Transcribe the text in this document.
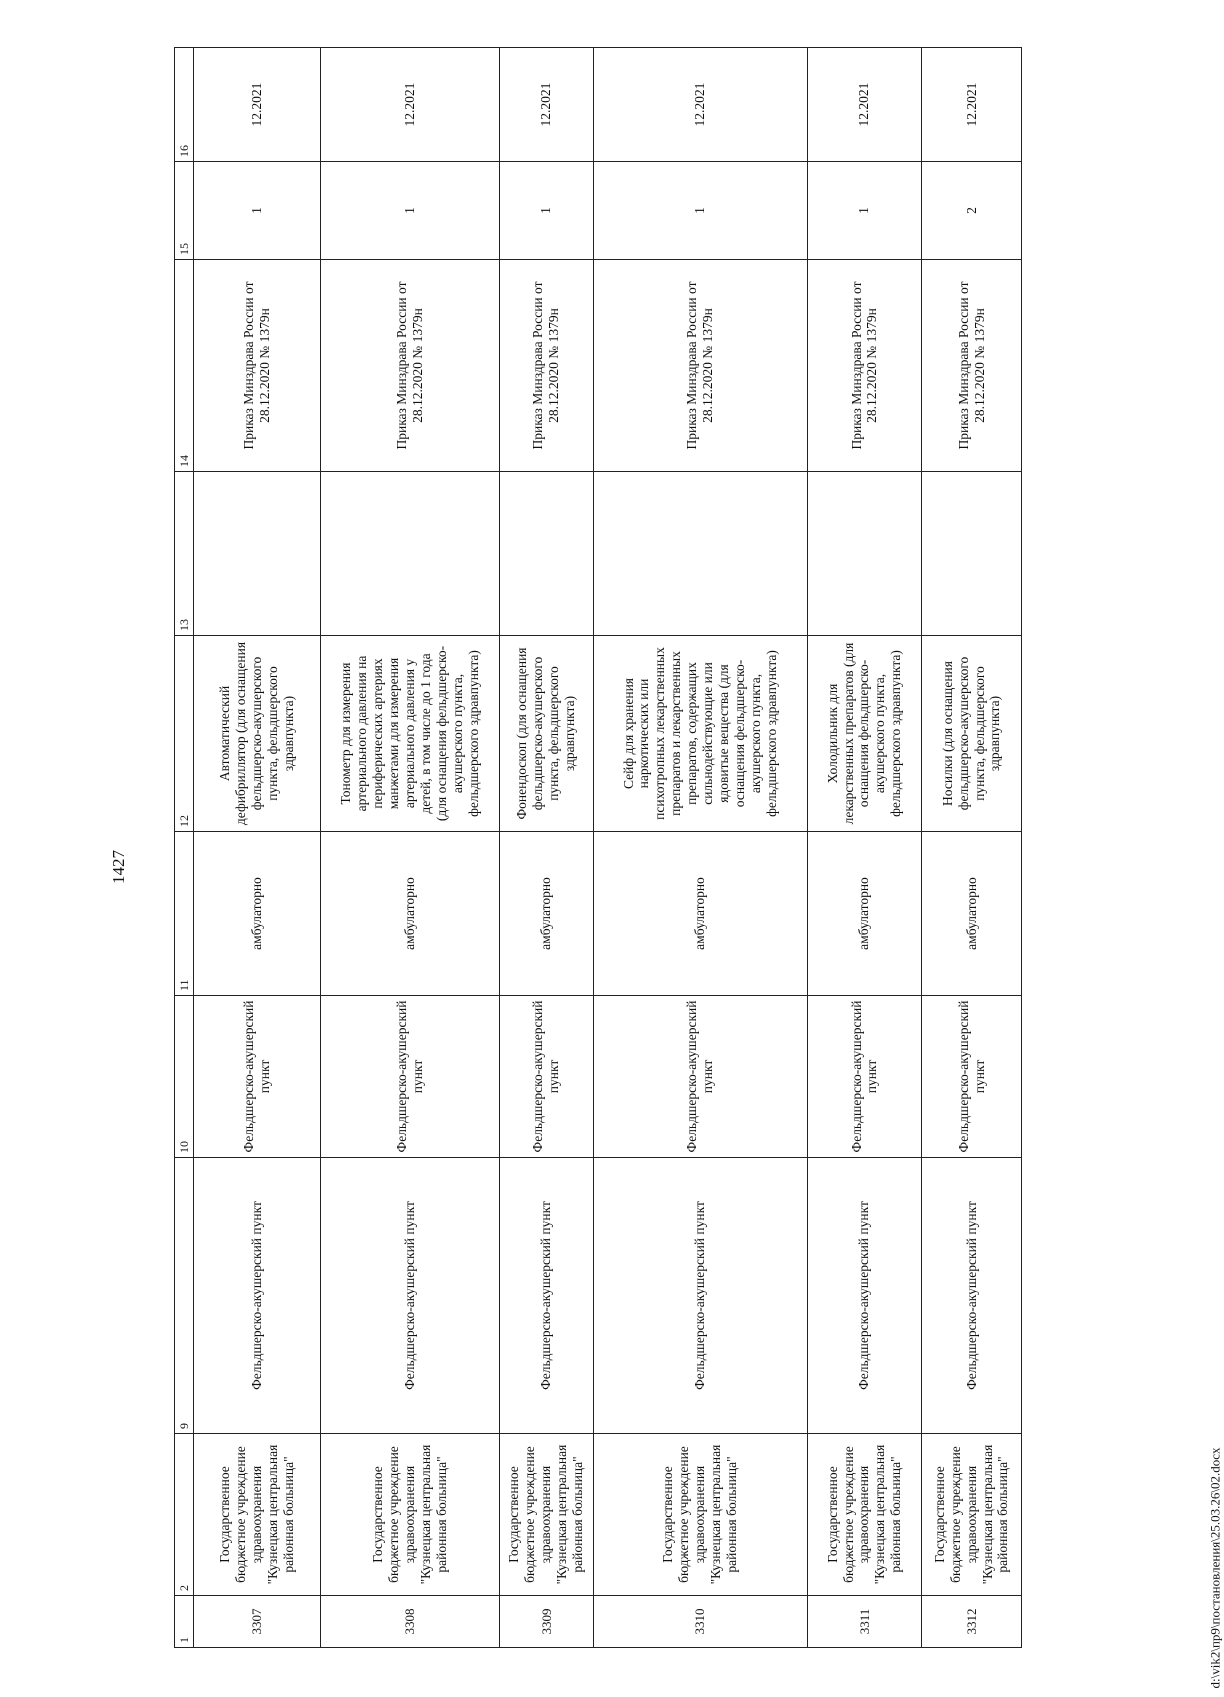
1427
1	2	9	10	11	12	13	14	15	16
3307	Государственное бюджетное учреждение здравоохранения "Кузнецкая центральная районная больница"	Фельдшерско-акушерский пункт	Фельдшерско-акушерский пункт	амбулаторно	Автоматический дефибриллятор (для оснащения фельдшерско-акушерского пункта, фельдшерского здравпункта)		Приказ Минздрава России от 28.12.2020 № 1379н	1	12.2021
3308	Государственное бюджетное учреждение здравоохранения "Кузнецкая центральная районная больница"	Фельдшерско-акушерский пункт	Фельдшерско-акушерский пункт	амбулаторно	Тонометр для измерения артериального давления на периферических артериях манжетами для измерения артериального давления у детей, в том числе до 1 года (для оснащения фельдшерско-акушерского пункта, фельдшерского здравпункта)		Приказ Минздрава России от 28.12.2020 № 1379н	1	12.2021
3309	Государственное бюджетное учреждение здравоохранения "Кузнецкая центральная районная больница"	Фельдшерско-акушерский пункт	Фельдшерско-акушерский пункт	амбулаторно	Фонендоскоп (для оснащения фельдшерско-акушерского пункта, фельдшерского здравпункта)		Приказ Минздрава России от 28.12.2020 № 1379н	1	12.2021
3310	Государственное бюджетное учреждение здравоохранения "Кузнецкая центральная районная больница"	Фельдшерско-акушерский пункт	Фельдшерско-акушерский пункт	амбулаторно	Сейф для хранения наркотических или психотропных лекарственных препаратов и лекарственных препаратов, содержащих сильнодействующие или ядовитые вещества (для оснащения фельдшерско-акушерского пункта, фельдшерского здравпункта)		Приказ Минздрава России от 28.12.2020 № 1379н	1	12.2021
3311	Государственное бюджетное учреждение здравоохранения "Кузнецкая центральная районная больница"	Фельдшерско-акушерский пункт	Фельдшерско-акушерский пункт	амбулаторно	Холодильник для лекарственных препаратов (для оснащения фельдшерско-акушерского пункта, фельдшерского здравпункта)		Приказ Минздрава России от 28.12.2020 № 1379н	1	12.2021
3312	Государственное бюджетное учреждение здравоохранения "Кузнецкая центральная районная больница"	Фельдшерско-акушерский пункт	Фельдшерско-акушерский пункт	амбулаторно	Носилки (для оснащения фельдшерско-акушерского пункта, фельдшерского здравпункта)		Приказ Минздрава России от 28.12.2020 № 1379н	2	12.2021
d:\vik2\пр9\постановления\25.03.26\02.docx
